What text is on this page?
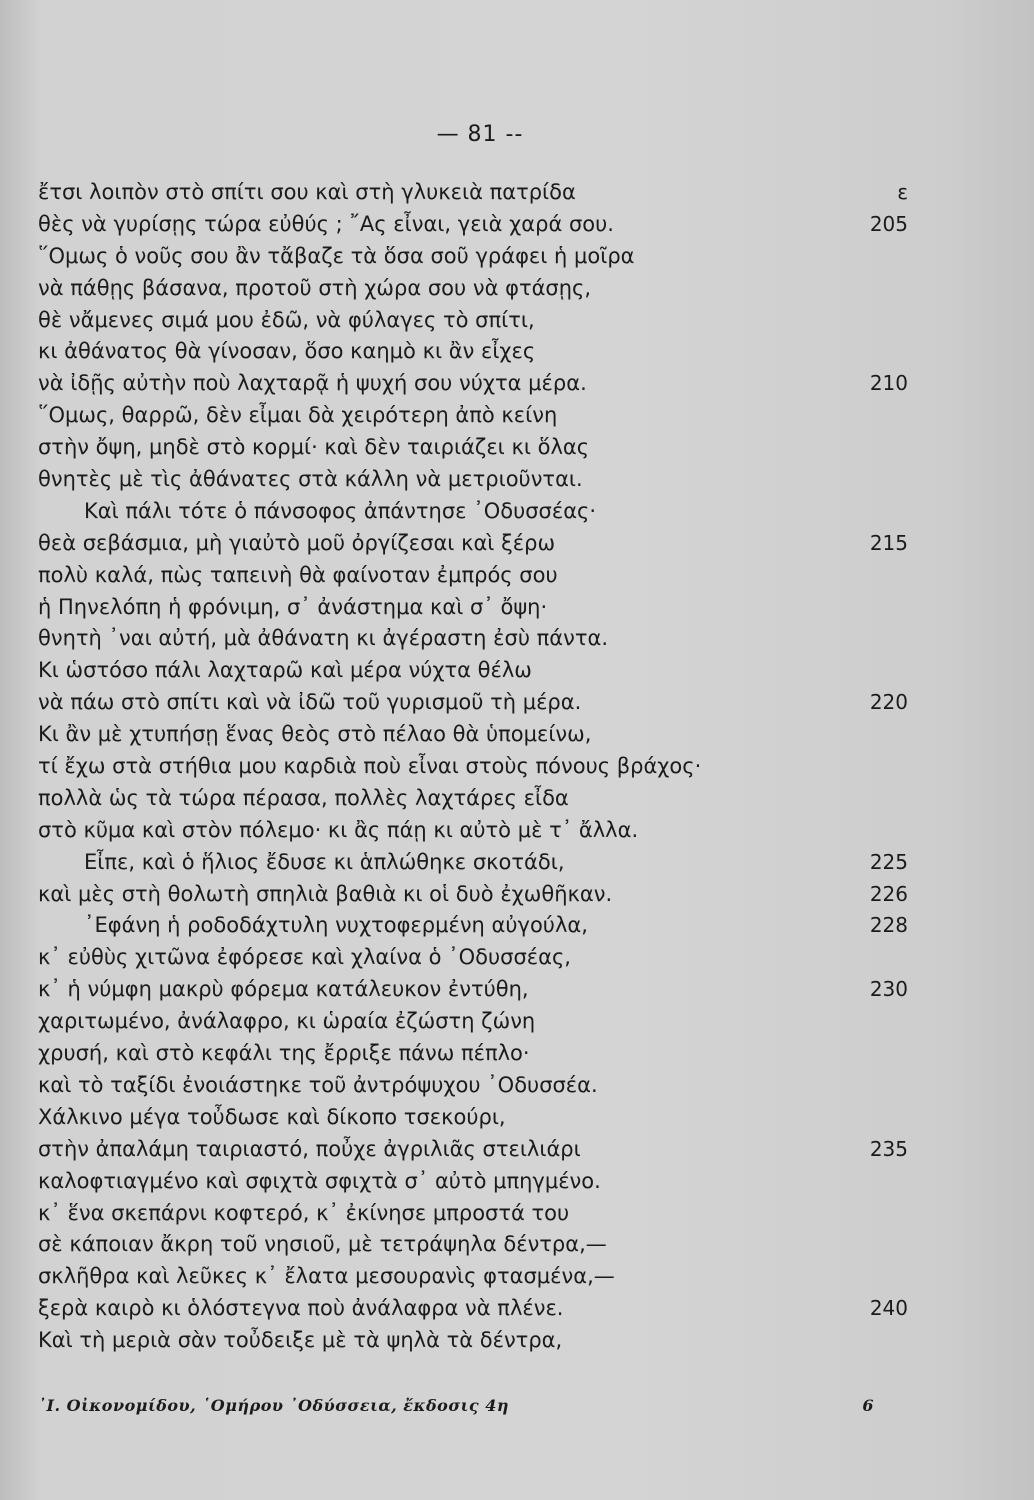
— 81 --
ἔτσι λοιπὸν στὸ σπίτι σου καὶ στὴ γλυκειὰ πατρίδα	ε
θὲς νὰ γυρίσῃς τώρα εὐθύς ; ῎Ας εἶναι, γειὰ χαρά σου.	205
῞Ομως ὁ νοῦς σου ἂν τἄβαζε τὰ ὅσα σοῦ γράφει ἡ μοῖρα
νὰ πάθῃς βάσανα, προτοῦ στὴ χώρα σου νὰ φτάσῃς,
θὲ νἄμενες σιμά μου ἐδῶ, νὰ φύλαγες τὸ σπίτι,
κι ἀθάνατος θὰ γίνοσαν, ὅσο καημὸ κι ἂν εἶχες
νὰ ἰδῇς αὐτὴν ποὺ λαχταρᾷ ἡ ψυχή σου νύχτα μέρα.	210
῞Ομως, θαρρῶ, δὲν εἶμαι δὰ χειρότερη ἀπὸ κείνη
στὴν ὄψη, μηδὲ στὸ κορμί· καὶ δὲν ταιριάζει κι ὅλας
θνητὲς μὲ τὶς ἀθάνατες στὰ κάλλη νὰ μετριοῦνται.
Καὶ πάλι τότε ὁ πάνσοφος ἀπάντησε ᾿Οδυσσέας·
θεὰ σεβάσμια, μὴ γιαὐτὸ μοῦ ὀργίζεσαι καὶ ξέρω	215
πολὺ καλά, πὼς ταπεινὴ θὰ φαίνοταν ἐμπρός σου
ἡ Πηνελόπη ἡ φρόνιμη, σ᾿ ἀνάστημα καὶ σ᾿ ὄψη·
θνητὴ ᾿ναι αὐτή, μὰ ἀθάνατη κι ἀγέραστη ἐσὺ πάντα.
Κι ὡστόσο πάλι λαχταρῶ καὶ μέρα νύχτα θέλω
νὰ πάω στὸ σπίτι καὶ νὰ ἰδῶ τοῦ γυρισμοῦ τὴ μέρα.	220
Κι ἂν μὲ χτυπήσῃ ἕνας θεὸς στὸ πέλαο θὰ ὑπομείνω,
τί ἔχω στὰ στήθια μου καρδιὰ ποὺ εἶναι στοὺς πόνους βράχος·
πολλὰ ὡς τὰ τώρα πέρασα, πολλὲς λαχτάρες εἶδα
στὸ κῦμα καὶ στὸν πόλεμο· κι ἂς πάῃ κι αὐτὸ μὲ τ᾿ ἄλλα.
Εἶπε, καὶ ὁ ἥλιος ἔδυσε κι ἁπλώθηκε σκοτάδι,	225
καὶ μὲς στὴ θολωτὴ σπηλιὰ βαθιὰ κι οἱ δυὸ ἐχωθῆκαν.	226
᾿Εφάνη ἡ ροδοδάχτυλη νυχτοφερμένη αὐγούλα,	228
κ᾿ εὐθὺς χιτῶνα ἐφόρεσε καὶ χλαίνα ὁ ᾿Οδυσσέας,
κ᾿ ἡ νύμφη μακρὺ φόρεμα κατάλευκον ἐντύθη,	230
χαριτωμένο, ἀνάλαφρο, κι ὡραία ἐζώστη ζώνη
χρυσή, καὶ στὸ κεφάλι της ἔρριξε πάνω πέπλο·
καὶ τὸ ταξίδι ἐνοιάστηκε τοῦ ἀντρόψυχου ᾿Οδυσσέα.
Χάλκινο μέγα τοὖδωσε καὶ δίκοπο τσεκούρι,
στὴν ἀπαλάμη ταιριαστό, ποὖχε ἀγριλιᾶς στειλιάρι	235
καλοφτιαγμένο καὶ σφιχτὰ σφιχτὰ σ᾿ αὐτὸ μπηγμένο.
κ᾿ ἕνα σκεπάρνι κοφτερό, κ᾿ ἐκίνησε μπροστά του
σὲ κάποιαν ἄκρη τοῦ νησιοῦ, μὲ τετράψηλα δέντρα,—
σκλῆθρα καὶ λεῦκες κ᾿ ἔλατα μεσουρανὶς φτασμένα,—
ξερὰ καιρὸ κι ὁλόστεγνα ποὺ ἀνάλαφρα νὰ πλένε.	240
Καὶ τὴ μεριὰ σὰν τοὖδειξε μὲ τὰ ψηλὰ τὰ δέντρα,
᾿Ι. Οἰκονομίδου, ῾Ομήρου ᾿Οδύσσεια, ἔκδοσις 4η	6
